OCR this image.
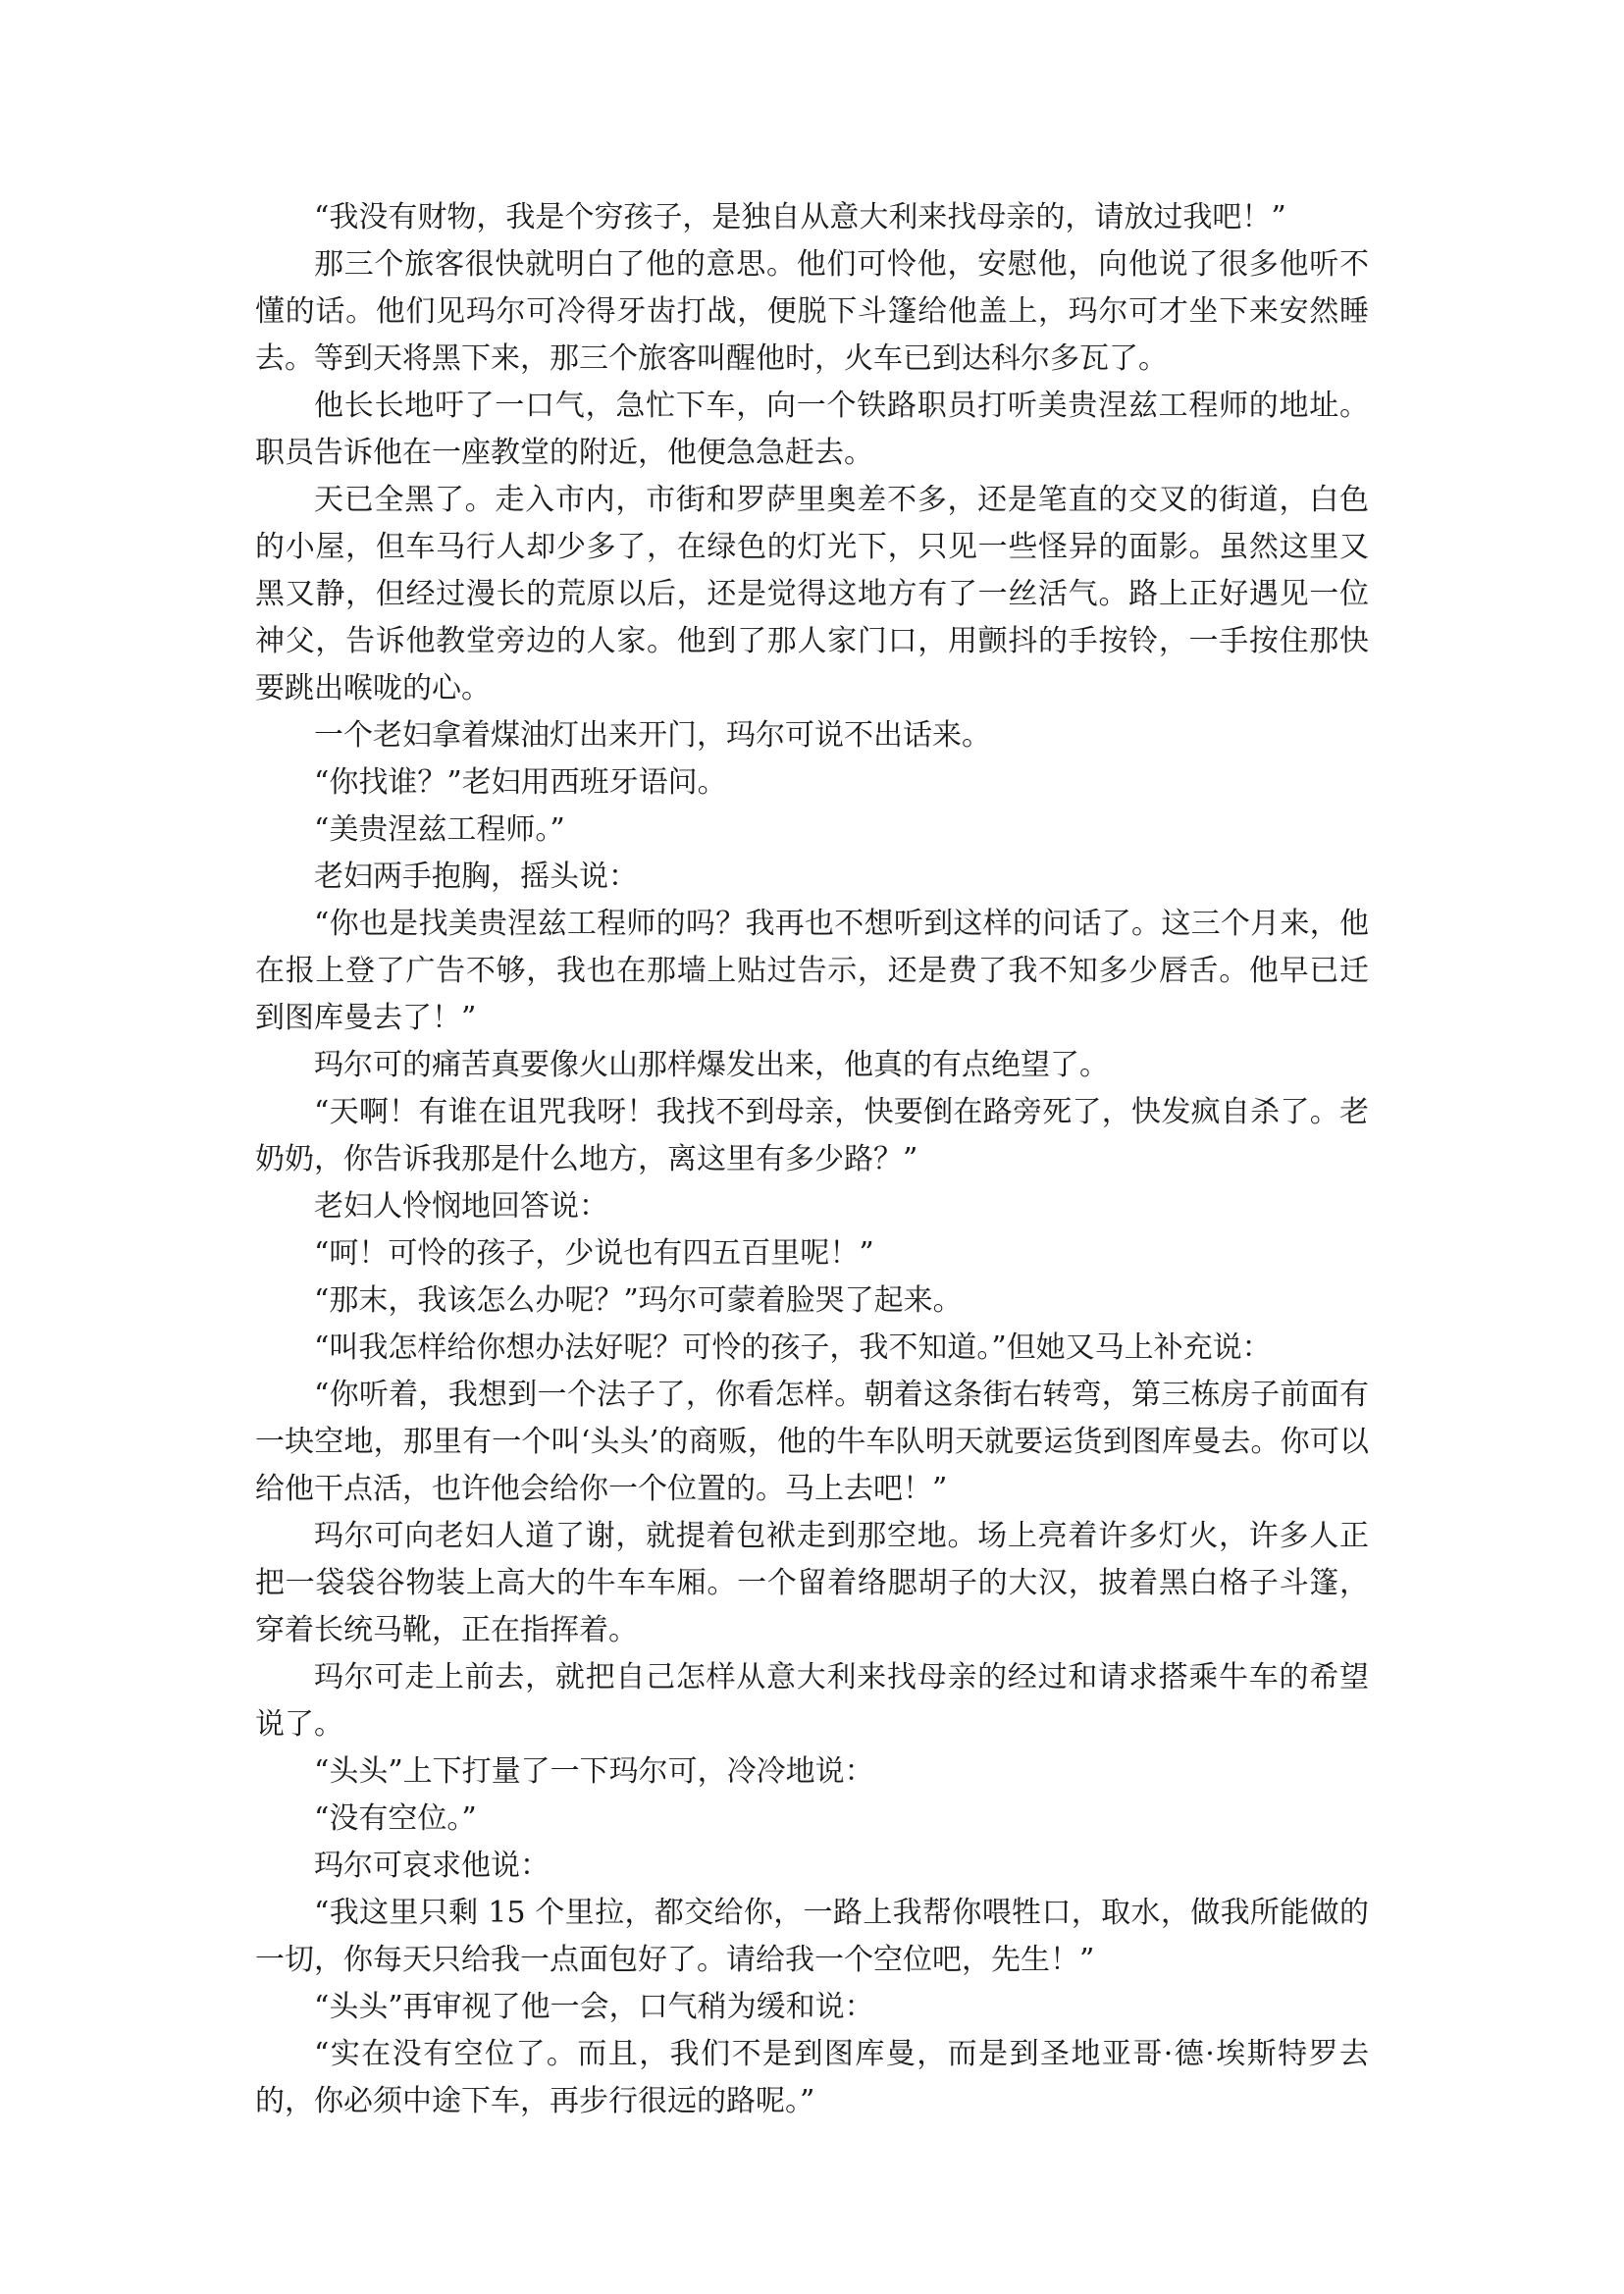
“我没有财物，我是个穷孩子，是独自从意大利来找母亲的，请放过我吧！”

那三个旅客很快就明白了他的意思。他们可怜他，安慰他，向他说了很多他听不懂的话。他们见玛尔可冷得牙齿打战，便脱下斗篷给他盖上，玛尔可才坐下来安然睡去。等到天将黑下来，那三个旅客叫醒他时，火车已到达科尔多瓦了。

他长长地吁了一口气，急忙下车，向一个铁路职员打听美贵涅兹工程师的地址。职员告诉他在一座教堂的附近，他便急急赶去。

天已全黑了。走入市内，市街和罗萨里奥差不多，还是笔直的交叉的街道，白色的小屋，但车马行人却少多了，在绿色的灯光下，只见一些怪异的面影。虽然这里又黑又静，但经过漫长的荒原以后，还是觉得这地方有了一丝活气。路上正好遇见一位神父，告诉他教堂旁边的人家。他到了那人家门口，用颤抖的手按铃，一手按住那快要跳出喉咙的心。

一个老妇拿着煤油灯出来开门，玛尔可说不出话来。

“你找谁？”老妇用西班牙语问。

“美贵涅兹工程师。”

老妇两手抱胸，摇头说：

“你也是找美贵涅兹工程师的吗？我再也不想听到这样的问话了。这三个月来，他在报上登了广告不够，我也在那墙上贴过告示，还是费了我不知多少唇舌。他早已迁到图库曼去了！”

玛尔可的痛苦真要像火山那样爆发出来，他真的有点绝望了。

“天啊！有谁在诅咒我呀！我找不到母亲，快要倒在路旁死了，快发疯自杀了。老奶奶，你告诉我那是什么地方，离这里有多少路？”

老妇人怜悯地回答说：

“呵！可怜的孩子，少说也有四五百里呢！”

“那末，我该怎么办呢？”玛尔可蒙着脸哭了起来。

“叫我怎样给你想办法好呢？可怜的孩子，我不知道。”但她又马上补充说：

“你听着，我想到一个法子了，你看怎样。朝着这条街右转弯，第三栋房子前面有一块空地，那里有一个叫‘头头’的商贩，他的牛车队明天就要运货到图库曼去。你可以给他干点活，也许他会给你一个位置的。马上去吧！”

玛尔可向老妇人道了谢，就提着包袱走到那空地。场上亮着许多灯火，许多人正把一袋袋谷物装上高大的牛车车厢。一个留着络腮胡子的大汉，披着黑白格子斗篷，穿着长统马靴，正在指挥着。

玛尔可走上前去，就把自己怎样从意大利来找母亲的经过和请求搭乘牛车的希望说了。

“头头”上下打量了一下玛尔可，冷冷地说：

“没有空位。”

玛尔可哀求他说：

“我这里只剩 15 个里拉，都交给你，一路上我帮你喂牲口，取水，做我所能做的一切，你每天只给我一点面包好了。请给我一个空位吧，先生！”

“头头”再审视了他一会，口气稍为缓和说：

“实在没有空位了。而且，我们不是到图库曼，而是到圣地亚哥·德·埃斯特罗去的，你必须中途下车，再步行很远的路呢。”
